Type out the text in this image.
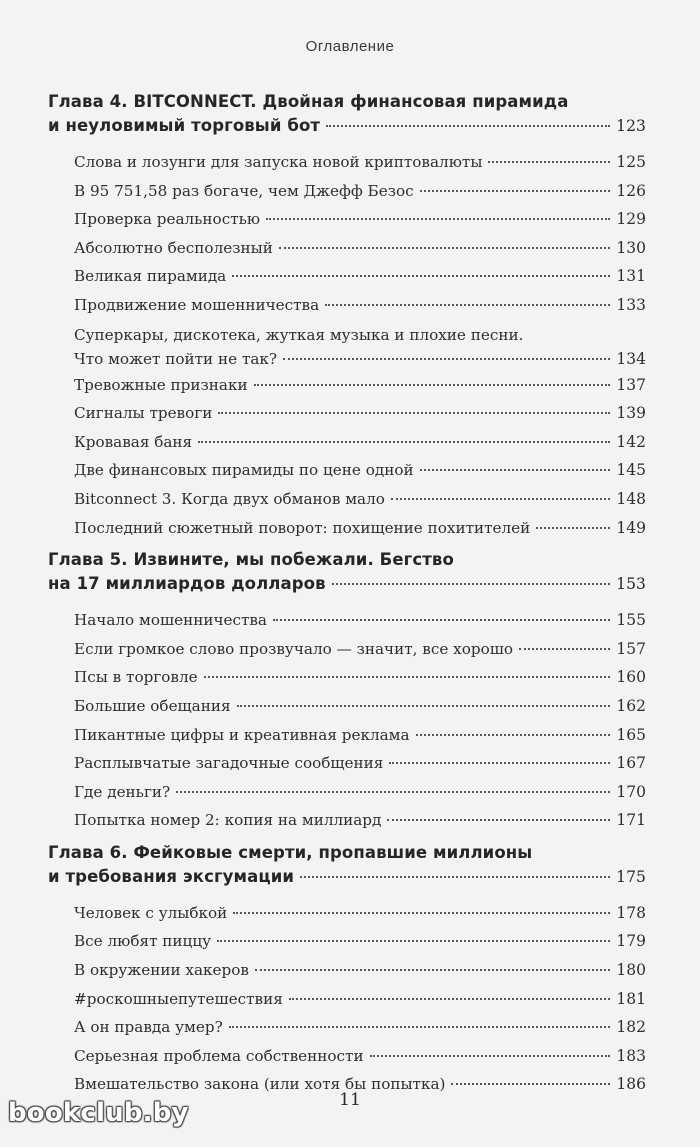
Оглавление
Глава 4. BITCONNECT. Двойная финансовая пирамида
и неуловимый торговый бот	123
Слова и лозунги для запуска новой криптовалюты	125
В 95 751,58 раз богаче, чем Джефф Безос	126
Проверка реальностью	129
Абсолютно бесполезный	130
Великая пирамида	131
Продвижение мошенничества	133
Суперкары, дискотека, жуткая музыка и плохие песни.
Что может пойти не так?	134
Тревожные признаки	137
Сигналы тревоги	139
Кровавая баня	142
Две финансовых пирамиды по цене одной	145
Bitconnect 3. Когда двух обманов мало	148
Последний сюжетный поворот: похищение похитителей	149
Глава 5. Извините, мы побежали. Бегство
на 17 миллиардов долларов	153
Начало мошенничества	155
Если громкое слово прозвучало — значит, все хорошо	157
Псы в торговле	160
Большие обещания	162
Пикантные цифры и креативная реклама	165
Расплывчатые загадочные сообщения	167
Где деньги?	170
Попытка номер 2: копия на миллиард	171
Глава 6. Фейковые смерти, пропавшие миллионы
и требования эксгумации	175
Человек с улыбкой	178
Все любят пиццу	179
В окружении хакеров	180
#роскошныепутешествия	181
А он правда умер?	182
Серьезная проблема собственности	183
Вмешательство закона (или хотя бы попытка)	186
11
bookclub.by
